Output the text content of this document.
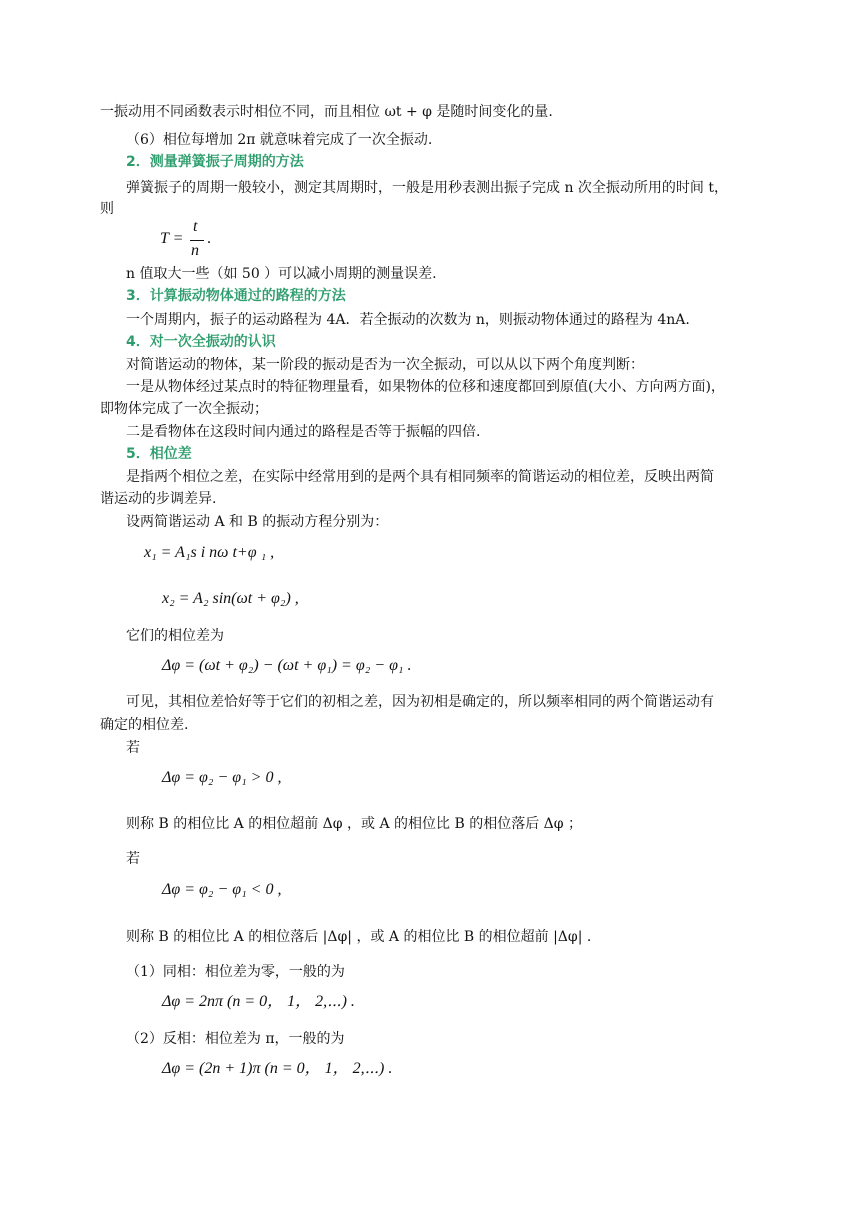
一振动用不同函数表示时相位不同，而且相位 ωt + φ 是随时间变化的量.
（6）相位每增加 2π 就意味着完成了一次全振动.
2．测量弹簧振子周期的方法
弹簧振子的周期一般较小，测定其周期时，一般是用秒表测出振子完成 n 次全振动所用的时间 t，
则
T =
t
n
.
n 值取大一些（如 50 ）可以减小周期的测量误差.
3．计算振动物体通过的路程的方法
一个周期内，振子的运动路程为 4A．若全振动的次数为 n，则振动物体通过的路程为 4nA.
4．对一次全振动的认识
对简谐运动的物体，某一阶段的振动是否为一次全振动，可以从以下两个角度判断：
一是从物体经过某点时的特征物理量看，如果物体的位移和速度都回到原值(大小、方向两方面)，
即物体完成了一次全振动；
二是看物体在这段时间内通过的路程是否等于振幅的四倍.
5．相位差
是指两个相位之差，在实际中经常用到的是两个具有相同频率的简谐运动的相位差，反映出两简
谐运动的步调差异.
设两简谐运动 A 和 B 的振动方程分别为：
x₁ = A₁s i nω t+φ ₁ ,
x₂ = A₂ sin(ωt + φ₂) ,
它们的相位差为
Δφ = (ωt + φ₂) − (ωt + φ₁) = φ₂ − φ₁ .
可见，其相位差恰好等于它们的初相之差，因为初相是确定的，所以频率相同的两个简谐运动有
确定的相位差.
若
Δφ = φ₂ − φ₁ > 0 ,
则称 B 的相位比 A 的相位超前 Δφ ，或 A 的相位比 B 的相位落后 Δφ ；
若
Δφ = φ₂ − φ₁ < 0 ,
则称 B 的相位比 A 的相位落后 |Δφ| ，或 A 的相位比 B 的相位超前 |Δφ| .
（1）同相：相位差为零，一般的为
Δφ = 2nπ (n = 0， 1， 2,⋯) .
（2）反相：相位差为 π，一般的为
Δφ = (2n + 1)π (n = 0， 1， 2,⋯) .
